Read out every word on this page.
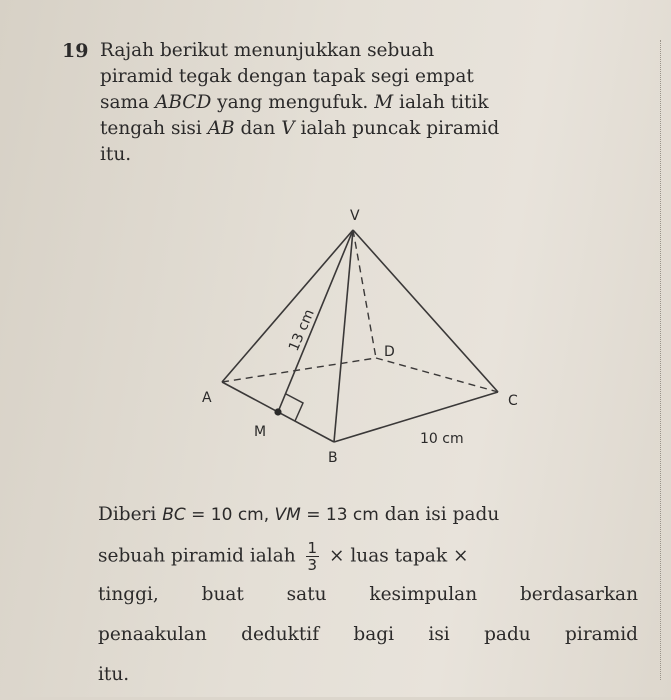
19 Rajah berikut menunjukkan sebuah
piramid tegak dengan tapak segi empat
sama ABCD yang mengufuk. M ialah titik
tengah sisi AB dan V ialah puncak piramid
itu.
V
A
B
C
D
M
13 cm
10 cm
Diberi BC = 10 cm, VM = 13 cm dan isi padu
sebuah piramid ialah $\frac{1}{3}$ × luas tapak ×
tinggi, buat satu kesimpulan berdasarkan
penaakulan deduktif bagi isi padu piramid
itu.
